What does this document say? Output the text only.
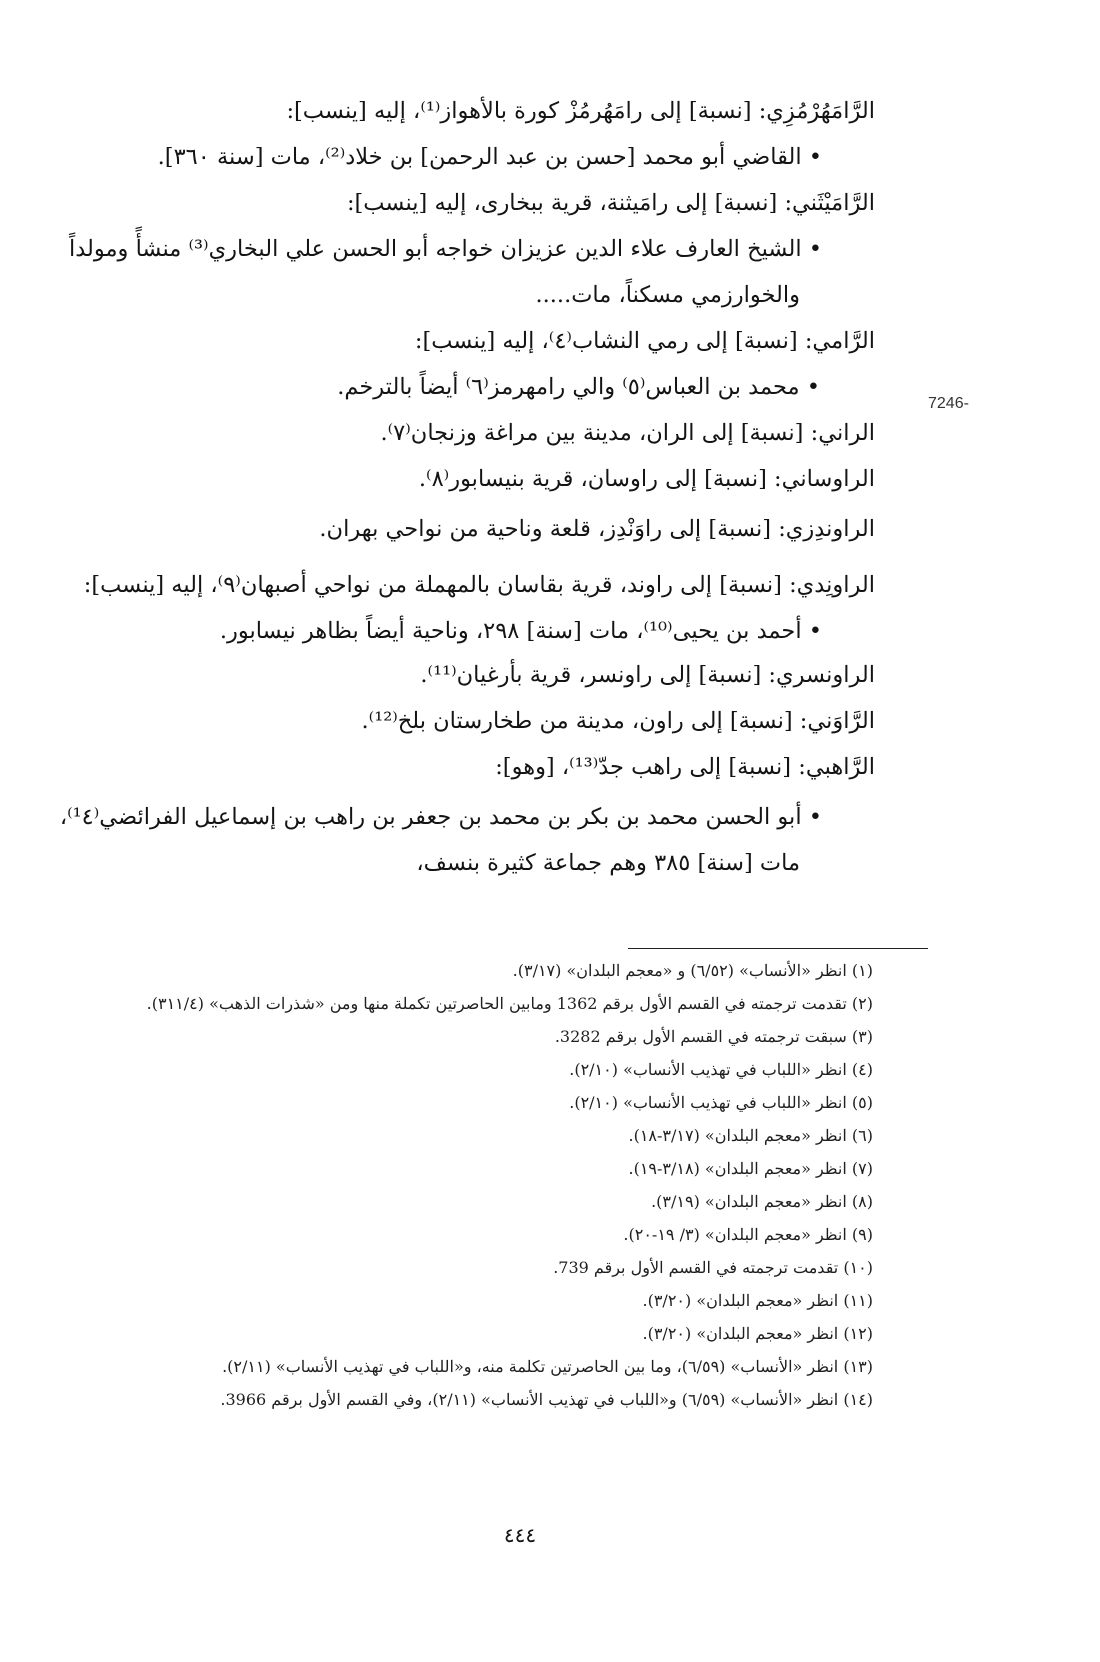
الرَّامَهُرْمُزِي: [نسبة] إلى رامَهُرمُزْ كورة بالأهواز⁽¹⁾، إليه [ينسب]:
• القاضي أبو محمد [حسن بن عبد الرحمن] بن خلاد⁽²⁾، مات [سنة ٣٦٠].
الرَّامَيْثَني: [نسبة] إلى رامَيثنة، قرية ببخارى، إليه [ينسب]:
• الشيخ العارف علاء الدين عزيزان خواجه أبو الحسن علي البخاري⁽³⁾ منشأً ومولداً
والخوارزمي مسكناً، مات.....
الرَّامي: [نسبة] إلى رمي النشاب⁽٤⁾، إليه [ينسب]:
7246-
• محمد بن العباس⁽٥⁾ والي رامهرمز⁽٦⁾ أيضاً بالترخم.
الراني: [نسبة] إلى الران، مدينة بين مراغة وزنجان⁽٧⁾.
الراوساني: [نسبة] إلى راوسان، قرية بنيسابور⁽٨⁾.
الراوندِزي: [نسبة] إلى راوَنْدِز، قلعة وناحية من نواحي بهران.
الراونِدي: [نسبة] إلى راوند، قرية بقاسان بالمهملة من نواحي أصبهان⁽٩⁾، إليه [ينسب]:
• أحمد بن يحيى⁽¹⁰⁾، مات [سنة] ٢٩٨، وناحية أيضاً بظاهر نيسابور.
الراونسري: [نسبة] إلى راونسر، قرية بأرغيان⁽¹¹⁾.
الرَّاوَني: [نسبة] إلى راون، مدينة من طخارستان بلخ⁽¹²⁾.
الرَّاهبي: [نسبة] إلى راهب جدّ⁽¹³⁾، [وهو]:
• أبو الحسن محمد بن بكر بن محمد بن جعفر بن راهب بن إسماعيل الفرائضي⁽¹٤⁾،
مات [سنة] ٣٨٥ وهم جماعة كثيرة بنسف،
(١) انظر «الأنساب» (٦/٥٢) و «معجم البلدان» (٣/١٧).
(٢) تقدمت ترجمته في القسم الأول برقم 1362 ومابين الحاصرتين تكملة منها ومن «شذرات الذهب» (٣١١/٤).
(٣) سبقت ترجمته في القسم الأول برقم 3282.
(٤) انظر «اللباب في تهذيب الأنساب» (٢/١٠).
(٥) انظر «اللباب في تهذيب الأنساب» (٢/١٠).
(٦) انظر «معجم البلدان» (٣/١٧-١٨).
(٧) انظر «معجم البلدان» (٣/١٨-١٩).
(٨) انظر «معجم البلدان» (٣/١٩).
(٩) انظر «معجم البلدان» (٣/ ١٩-٢٠).
(١٠) تقدمت ترجمته في القسم الأول برقم 739.
(١١) انظر «معجم البلدان» (٣/٢٠).
(١٢) انظر «معجم البلدان» (٣/٢٠).
(١٣) انظر «الأنساب» (٦/٥٩)، وما بين الحاصرتين تكلمة منه، و«اللباب في تهذيب الأنساب» (٢/١١).
(١٤) انظر «الأنساب» (٦/٥٩) و«اللباب في تهذيب الأنساب» (٢/١١)، وفي القسم الأول برقم 3966.
٤٤٤
